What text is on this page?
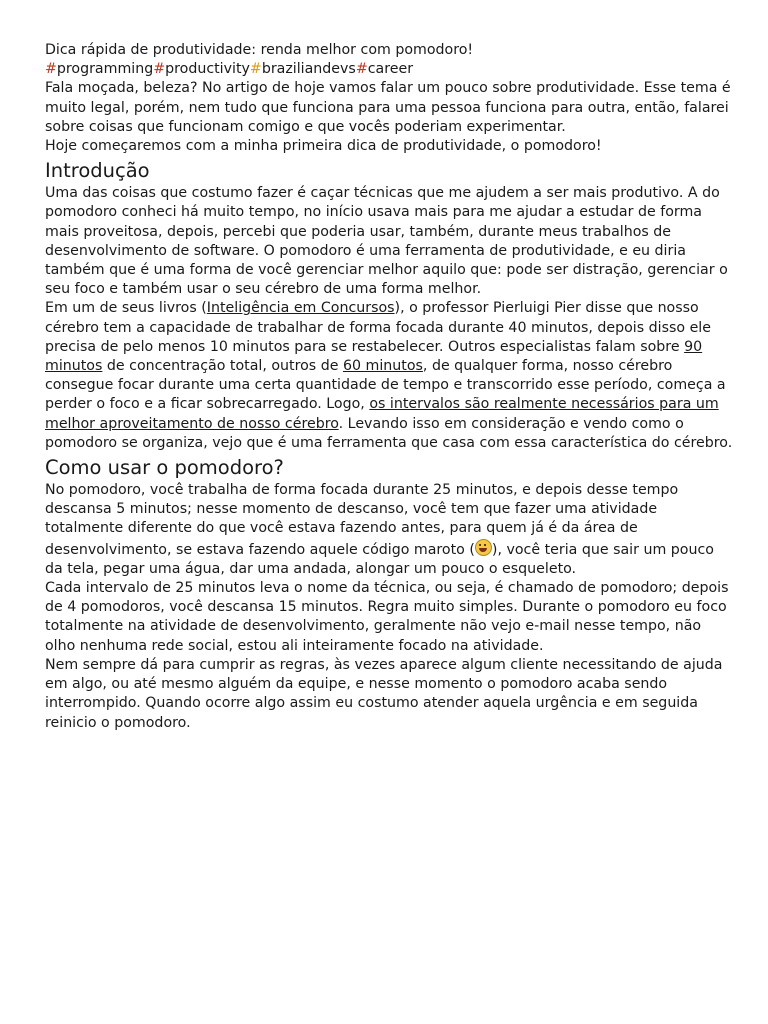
Dica rápida de produtividade: renda melhor com pomodoro!

#programming#productivity#braziliandevs#career

Fala moçada, beleza? No artigo de hoje vamos falar um pouco sobre produtividade. Esse tema é muito legal, porém, nem tudo que funciona para uma pessoa funciona para outra, então, falarei sobre coisas que funcionam comigo e que vocês poderiam experimentar.

Hoje começaremos com a minha primeira dica de produtividade, o pomodoro!

Introdução

Uma das coisas que costumo fazer é caçar técnicas que me ajudem a ser mais produtivo. A do pomodoro conheci há muito tempo, no início usava mais para me ajudar a estudar de forma mais proveitosa, depois, percebi que poderia usar, também, durante meus trabalhos de desenvolvimento de software. O pomodoro é uma ferramenta de produtividade, e eu diria também que é uma forma de você gerenciar melhor aquilo que: pode ser distração, gerenciar o seu foco e também usar o seu cérebro de uma forma melhor.

Em um de seus livros (Inteligência em Concursos), o professor Pierluigi Pier disse que nosso cérebro tem a capacidade de trabalhar de forma focada durante 40 minutos, depois disso ele precisa de pelo menos 10 minutos para se restabelecer. Outros especialistas falam sobre 90 minutos de concentração total, outros de 60 minutos, de qualquer forma, nosso cérebro consegue focar durante uma certa quantidade de tempo e transcorrido esse período, começa a perder o foco e a ficar sobrecarregado. Logo, os intervalos são realmente necessários para um melhor aproveitamento de nosso cérebro. Levando isso em consideração e vendo como o pomodoro se organiza, vejo que é uma ferramenta que casa com essa característica do cérebro.

Como usar o pomodoro?

No pomodoro, você trabalha de forma focada durante 25 minutos, e depois desse tempo descansa 5 minutos; nesse momento de descanso, você tem que fazer uma atividade totalmente diferente do que você estava fazendo antes, para quem já é da área de desenvolvimento, se estava fazendo aquele código maroto ( ), você teria que sair um pouco da tela, pegar uma água, dar uma andada, alongar um pouco o esqueleto.

Cada intervalo de 25 minutos leva o nome da técnica, ou seja, é chamado de pomodoro; depois de 4 pomodoros, você descansa 15 minutos. Regra muito simples. Durante o pomodoro eu foco totalmente na atividade de desenvolvimento, geralmente não vejo e-mail nesse tempo, não olho nenhuma rede social, estou ali inteiramente focado na atividade.

Nem sempre dá para cumprir as regras, às vezes aparece algum cliente necessitando de ajuda em algo, ou até mesmo alguém da equipe, e nesse momento o pomodoro acaba sendo interrompido. Quando ocorre algo assim eu costumo atender aquela urgência e em seguida reinicio o pomodoro.
